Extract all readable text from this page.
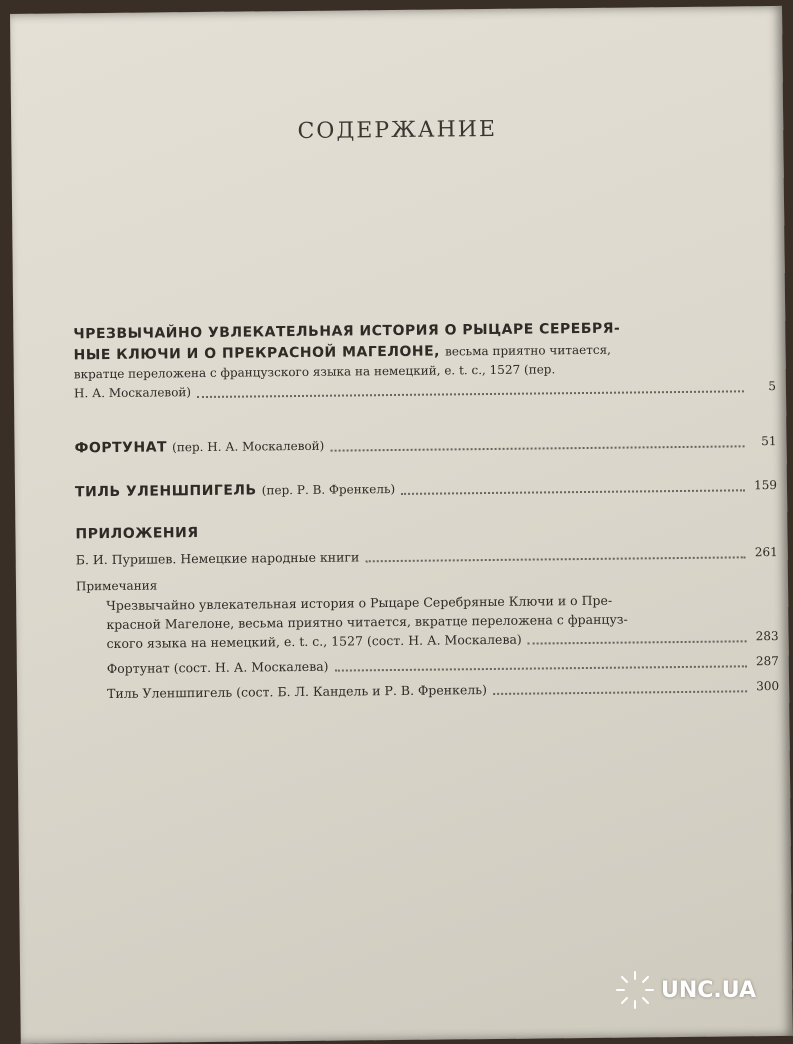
СОДЕРЖАНИЕ
ЧРЕЗВЫЧАЙНО УВЛЕКАТЕЛЬНАЯ ИСТОРИЯ О РЫЦАРЕ СЕРЕБРЯ-
НЫЕ КЛЮЧИ И О ПРЕКРАСНОЙ МАГЕЛОНЕ, весьма приятно читается,
вкратце переложена с французского языка на немецкий, е. t. с., 1527 (пер.
Н. А. Москалевой)	5
ФОРТУНАТ (пер. Н. А. Москалевой)	51
ТИЛЬ УЛЕНШПИГЕЛЬ (пер. Р. В. Френкель)	159
ПРИЛОЖЕНИЯ
Б. И. Пуришев. Немецкие народные книги	261
Примечания
Чрезвычайно увлекательная история о Рыцаре Серебряные Ключи и о Пре-
красной Магелоне, весьма приятно читается, вкратце переложена с француз-
ского языка на немецкий, е. t. с., 1527 (сост. Н. А. Москалева)	283
Фортунат (сост. Н. А. Москалева)	287
Тиль Уленшпигель (сост. Б. Л. Кандель и Р. В. Френкель)	300
UNC.UA
